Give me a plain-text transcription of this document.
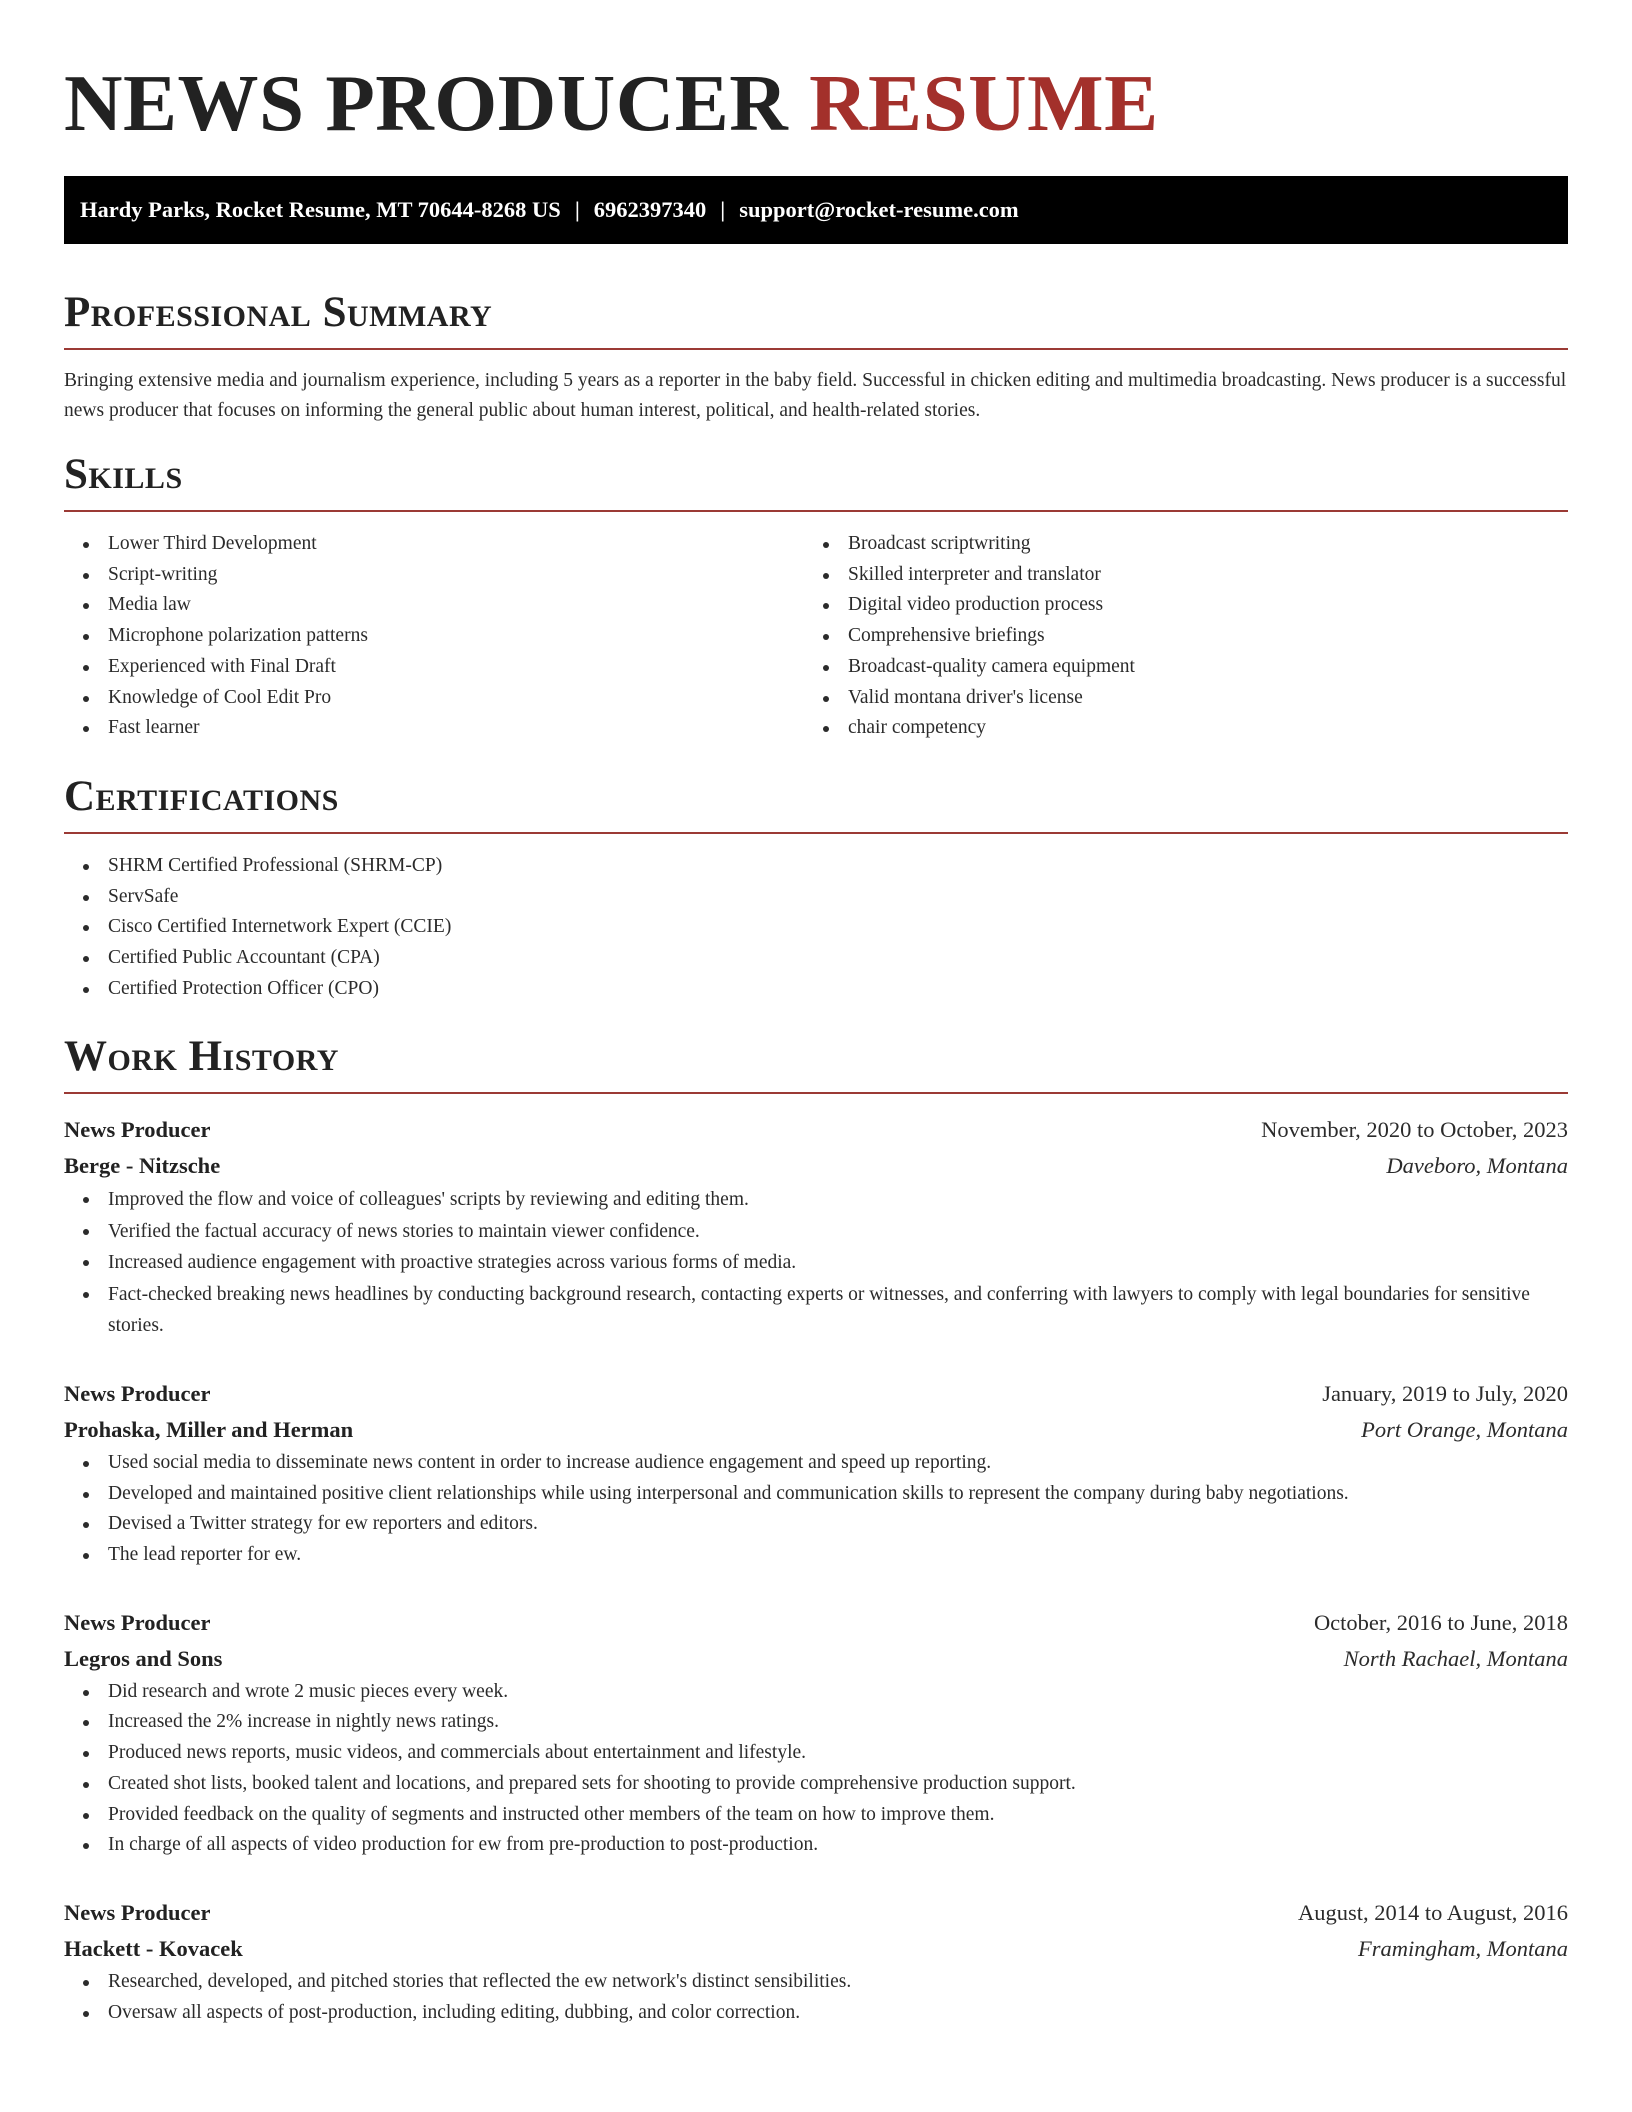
NEWS PRODUCER RESUME
Hardy Parks, Rocket Resume, MT 70644-8268 US | 6962397340 | support@rocket-resume.com
Professional Summary

Bringing extensive media and journalism experience, including 5 years as a reporter in the baby field. Successful in chicken editing and multimedia broadcasting. News producer is a successful news producer that focuses on informing the general public about human interest, political, and health-related stories.

Skills
Lower Third Development
Script-writing
Media law
Microphone polarization patterns
Experienced with Final Draft
Knowledge of Cool Edit Pro
Fast learner
Broadcast scriptwriting
Skilled interpreter and translator
Digital video production process
Comprehensive briefings
Broadcast-quality camera equipment
Valid montana driver's license
chair competency
Certifications
SHRM Certified Professional (SHRM-CP)
ServSafe
Cisco Certified Internetwork Expert (CCIE)
Certified Public Accountant (CPA)
Certified Protection Officer (CPO)
Work History
News Producer	November, 2020 to October, 2023
Berge - Nitzsche	Daveboro, Montana
Improved the flow and voice of colleagues' scripts by reviewing and editing them.
Verified the factual accuracy of news stories to maintain viewer confidence.
Increased audience engagement with proactive strategies across various forms of media.
Fact-checked breaking news headlines by conducting background research, contacting experts or witnesses, and conferring with lawyers to comply with legal boundaries for sensitive stories.
News Producer	January, 2019 to July, 2020
Prohaska, Miller and Herman	Port Orange, Montana
Used social media to disseminate news content in order to increase audience engagement and speed up reporting.
Developed and maintained positive client relationships while using interpersonal and communication skills to represent the company during baby negotiations.
Devised a Twitter strategy for ew reporters and editors.
The lead reporter for ew.
News Producer	October, 2016 to June, 2018
Legros and Sons	North Rachael, Montana
Did research and wrote 2 music pieces every week.
Increased the 2% increase in nightly news ratings.
Produced news reports, music videos, and commercials about entertainment and lifestyle.
Created shot lists, booked talent and locations, and prepared sets for shooting to provide comprehensive production support.
Provided feedback on the quality of segments and instructed other members of the team on how to improve them.
In charge of all aspects of video production for ew from pre-production to post-production.
News Producer	August, 2014 to August, 2016
Hackett - Kovacek	Framingham, Montana
Researched, developed, and pitched stories that reflected the ew network's distinct sensibilities.
Oversaw all aspects of post-production, including editing, dubbing, and color correction.
